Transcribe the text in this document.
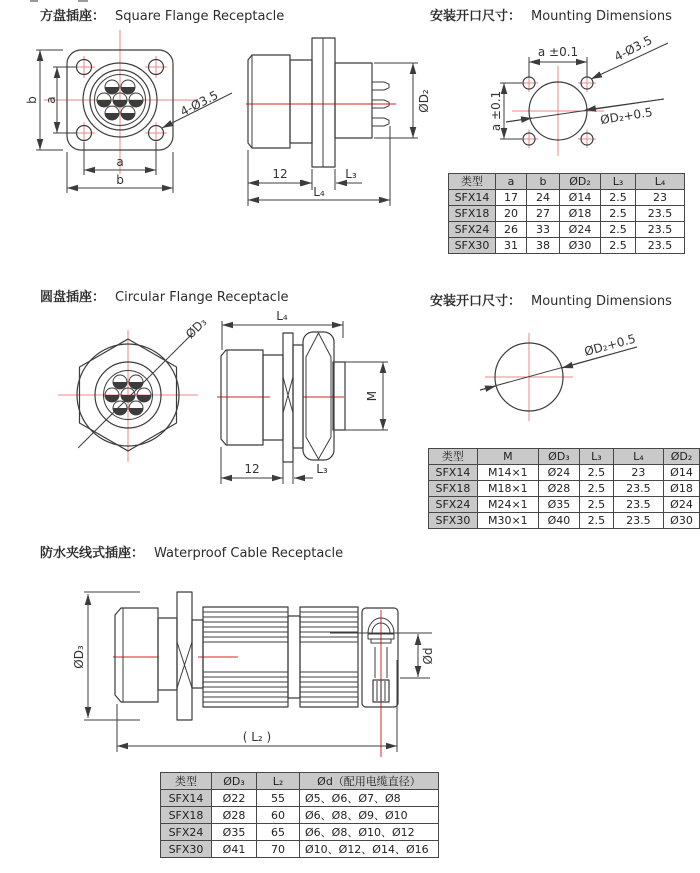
b a
a
b
4-Ø3.5
12	L₃
L₄
ØD₂
a ±0.1
a ±0.1
4-Ø3.5
ØD₂+0.5
ØD₃	L₄
M
12	L₃
ØD₂+0.5
ØD₃	Ød
( L₂ )
方盘插座： Square Flange Receptacle	安装开口尺寸： Mounting Dimensions
圆盘插座： Circular Flange Receptacle	安装开口尺寸： Mounting Dimensions
防水夹线式插座： Waterproof Cable Receptacle
类型	a	b	ØD₂	L₃	L₄
SFX14	17	24	Ø14	2.5	23
SFX18	20	27	Ø18	2.5	23.5
SFX24	26	33	Ø24	2.5	23.5
SFX30	31	38	Ø30	2.5	23.5
类型	M	ØD₃	L₃	L₄	ØD₂
SFX14	M14×1	Ø24	2.5	23	Ø14
SFX18	M18×1	Ø28	2.5	23.5	Ø18
SFX24	M24×1	Ø35	2.5	23.5	Ø24
SFX30	M30×1	Ø40	2.5	23.5	Ø30
类型	ØD₃	L₂	Ød（配用电缆直径）
SFX14	Ø22	55	Ø5、Ø6、Ø7、Ø8
SFX18	Ø28	60	Ø6、Ø8、Ø9、Ø10
SFX24	Ø35	65	Ø6、Ø8、Ø10、Ø12
SFX30	Ø41	70	Ø10、Ø12、Ø14、Ø16
